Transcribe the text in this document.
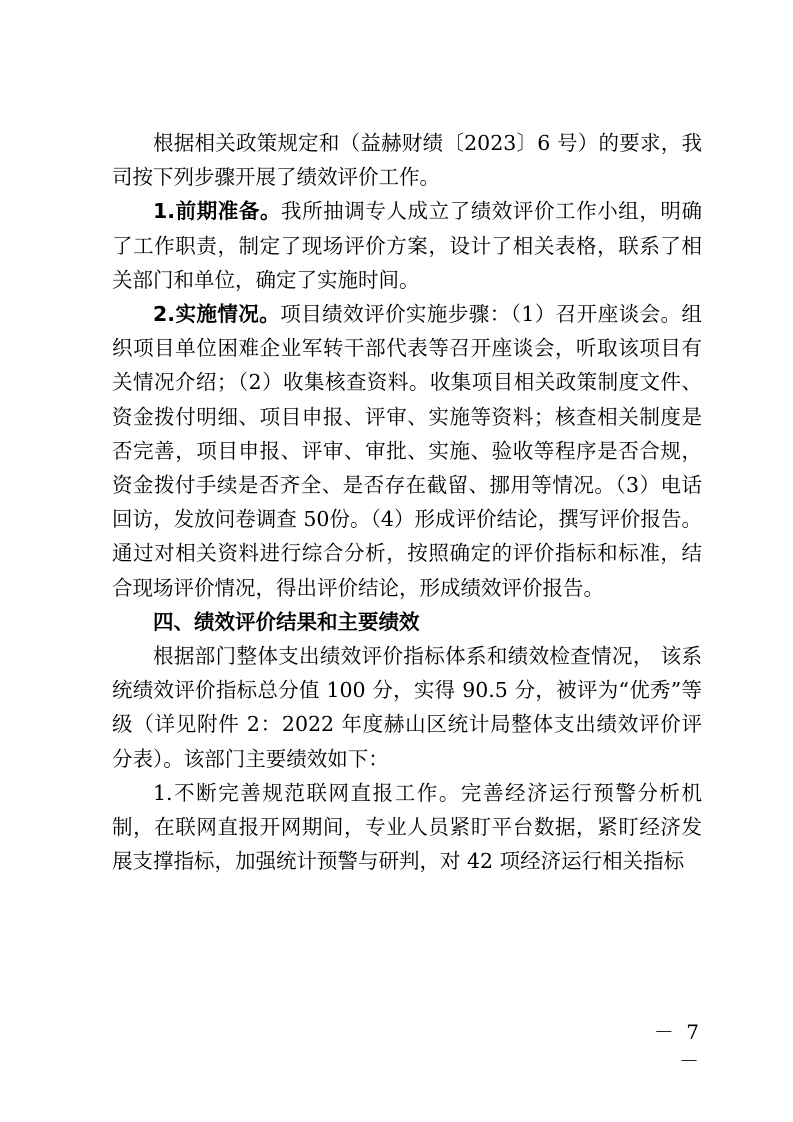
根据相关政策规定和（益赫财绩〔2023〕6 号）的要求，我司按下列步骤开展了绩效评价工作。

1.前期准备。我所抽调专人成立了绩效评价工作小组，明确了工作职责，制定了现场评价方案，设计了相关表格，联系了相关部门和单位，确定了实施时间。

2.实施情况。项目绩效评价实施步骤：（1）召开座谈会。组织项目单位困难企业军转干部代表等召开座谈会，听取该项目有关情况介绍；（2）收集核查资料。收集项目相关政策制度文件、资金拨付明细、项目申报、评审、实施等资料；核查相关制度是否完善，项目申报、评审、审批、实施、验收等程序是否合规，资金拨付手续是否齐全、是否存在截留、挪用等情况。（3）电话回访，发放问卷调查 50份。（4）形成评价结论，撰写评价报告。通过对相关资料进行综合分析，按照确定的评价指标和标准，结合现场评价情况，得出评价结论，形成绩效评价报告。

四、绩效评价结果和主要绩效

根据部门整体支出绩效评价指标体系和绩效检查情况， 该系统绩效评价指标总分值 100 分，实得 90.5 分，被评为“优秀”等级（详见附件 2：2022 年度赫山区统计局整体支出绩效评价评分表）。该部门主要绩效如下：

1.不断完善规范联网直报工作。完善经济运行预警分析机制，在联网直报开网期间，专业人员紧盯平台数据，紧盯经济发展支撑指标，加强统计预警与研判，对 42 项经济运行相关指标

－ 7 －
